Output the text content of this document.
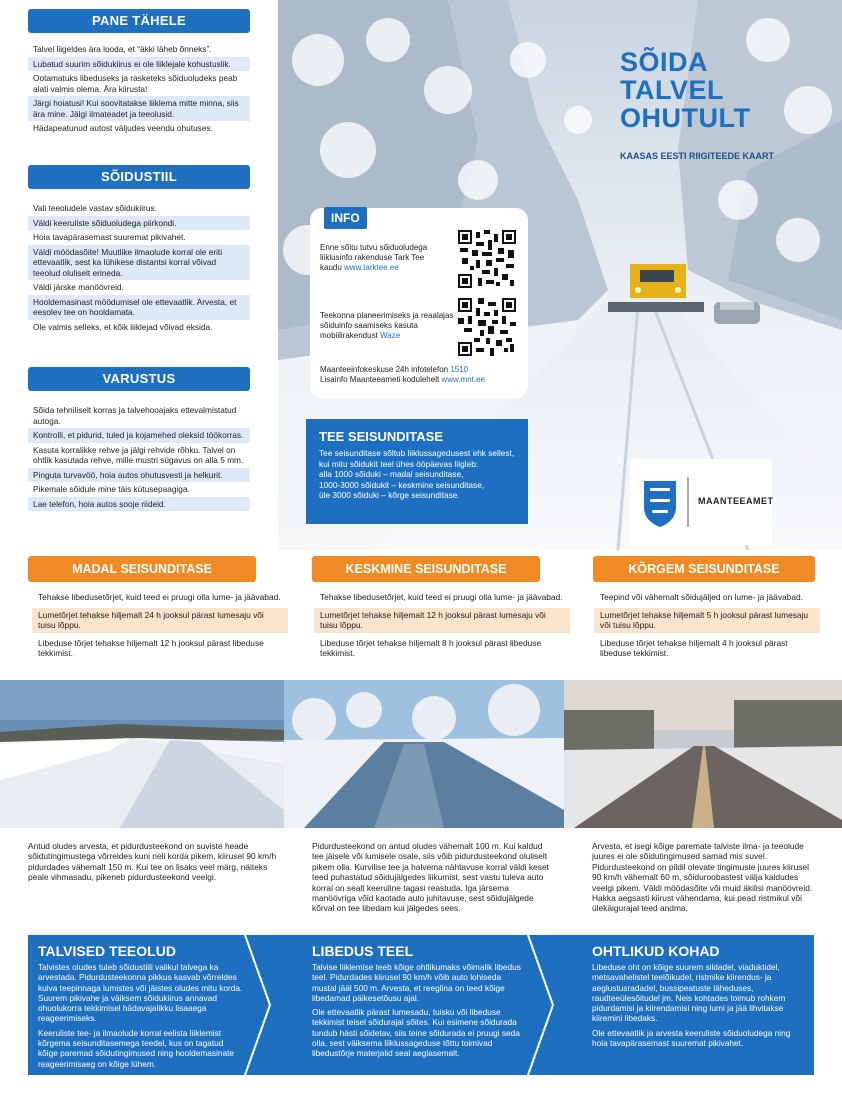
PANE TÄHELE
Talvel liigeldes ära looda, et “äkki läheb õnneks”.
Lubatud suurim sõidukiirus ei ole liiklejale kohustuslik.
Ootamatuks libeduseks ja rasketeks sõiduoludeks peab alati valmis olema. Ära kiirusta!
Järgi hoiatusi! Kui soovitatakse liiklema mitte minna, siis ära mine. Jälgi ilmateadet ja teeolusid.
Hädapeatunud autost väljudes veendu ohutuses.
SÕIDUSTIIL
Vali teeoludele vastav sõidukiirus.
Väldi keeruliste sõiduoludega piirkondi.
Hoia tavapärasemast suuremat pikivahet.
Väldi möödasõite! Muutlike ilmaolude korral ole eriti ettevaatlik, sest ka lühikese distantsi korral võivad teeolud oluliselt erineda.
Väldi järske manöövreid.
Hooldemasinast möödumisel ole ettevaatlik. Arvesta, et eesolev tee on hooldamata.
Ole valmis selleks, et kõik liiklejad võivad eksida.
VARUSTUS
Sõida tehniliselt korras ja talvehooajaks ettevalmistatud autoga.
Kontrolli, et pidurid, tuled ja kojamehed oleksid töökorras.
Kasuta korralikke rehve ja jälgi rehvide rõhku. Talvel on ohtlik kasutada rehve, mille mustri sügavus on alla 5 mm.
Pinguta turvavöö, hoia autos ohutusvesti ja helkurit.
Pikemale sõidule mine täis kütusepaagiga.
Lae telefon, hoia autos sooje riideid.
SÕIDA
TALVEL
OHUTULT
KAASAS EESTI RIIGITEEDE KAART
INFO
Enne sõitu tutvu sõiduoludega liiklusinfo rakenduse Tark Tee kaudu www.tarktee.ee
Teekonna planeerimiseks ja reaalajas sõiduinfo saamiseks kasuta mobiilirakendust Waze
Maanteeinfokeskuse 24h infotelefon 1510
Lisainfo Maanteeameti kodulehelt www.mnt.ee
TEE SEISUNDITASE
Tee seisunditase sõltub liiklussagedusest ehk sellest, kui mitu sõidukit teel ühes ööpäevas liigleb:
alla 1000 sõiduki – madal seisunditase,
1000-3000 sõidukit – keskmine seisunditase,
üle 3000 sõiduki – kõrge seisunditase.
MAANTEEAMET
MADAL SEISUNDITASE	KESKMINE SEISUNDITASE	KÕRGEM SEISUNDITASE
Tehakse libedusetõrjet, kuid teed ei pruugi olla lume- ja jäävabad.
Lumetõrjet tehakse hiljemalt 24 h jooksul pärast lumesaju või tuisu lõppu.
Libeduse tõrjet tehakse hiljemalt 12 h jooksul pärast libeduse tekkimist.
Tehakse libedusetõrjet, kuid teed ei pruugi olla lume- ja jäävabad.
Lumetõrjet tehakse hiljemalt 12 h jooksul pärast lumesaju või tuisu lõppu.
Libeduse tõrjet tehakse hiljemalt 8 h jooksul pärast libeduse tekkimist.
Teepind või vähemalt sõidujäljed on lume- ja jäävabad.
Lumetõrjet tehakse hiljemalt 5 h jooksul pärast lumesaju või tuisu lõppu.
Libeduse tõrjet tehakse hiljemalt 4 h jooksul pärast libeduse tekkimist.
Antud oludes arvesta, et pidurdusteekond on suviste heade sõidutingimustega võrreldes kuni neli korda pikem, kiirusel 90 km/h pidurdades vähemalt 150 m. Kui tee on lisaks veel märg, näiteks peale vihmasadu, pikeneb pidurdusteekond veelgi.
Pidurdusteekond on antud oludes vähemalt 100 m. Kui kaldud tee jäisele või lumisele osale, siis võib pidurdusteekond oluliselt pikem olla. Kurvilise tee ja halvema nähtavuse korral väldi keset teed puhastatud sõidujälgedes liikumist, sest vastu tuleva auto korral on sealt keeruline tagasi reastuda. Iga järsema manöövriga võid kaotada auto juhitavuse, sest sõidujälgede kõrval on tee libedam kui jälgedes sees.
Arvesta, et isegi kõige paremate talviste ilma- ja teeolude juures ei ole sõidutingimused samad mis suvel. Pidurdusteekond on pildil olevate tingimuste juures kiirusel 90 km/h vähemalt 60 m, sõiduroobastest välja kaldudes veelgi pikem. Väldi möödasõite või muid äkilisi manöövreid. Hakka aegsasti kiirust vähendama, kui pead ristmikul või ülekäigurajal teed andma.
TALVISED TEEOLUD
Talvistes oludes tuleb sõidustiili valikul talvega ka arvestada. Pidurdusteekonna pikkus kasvab võrreldes kuiva teepinnaga lumistes või jäistes oludes mitu korda. Suurem pikivahe ja väiksem sõidukiirus annavad ohuolukorra tekkimisel hädavajalikku lisaaega reageerimiseks.
Keeruliste tee- ja ilmaolude korral eelista liiklemist kõrgema seisunditasemega teedel, kus on tagatud kõige paremad sõidutingimused ning hooldemasinate reageerimisaeg on kõige lühem.
LIBEDUS TEEL
Talvise liiklemise teeb kõige ohtlikumaks võimalik libedus teel. Pidurdades kiirusel 90 km/h võib auto lohiseda mustal jääl 500 m. Arvesta, et reeglina on teed kõige libedamad päikesetõusu ajal.
Ole ettevaatlik pärast lumesadu, tuisku või libeduse tekkimist teisel sõidurajal sõites. Kui esimene sõidurada tundub hästi sõidetav, siis teine sõidurada ei pruugi seda olla, sest väiksema liiklussageduse tõttu toimivad libedustõrje materjalid seal aeglasemalt.
OHTLIKUD KOHAD
Libeduse oht on kõige suurem sildadel, viaduktidel, metsavahelistel teelõikudel, ristmike kiirendus- ja aeglustusradadel, bussipeatuste läheduses, raudteeülesõitudel jm. Neis kohtades toimub rohkem pidurdamisi ja kiirendamisi ning lumi ja jää lihvitakse kiiremini libedaks.
Ole ettevaatlik ja arvesta keeruliste sõiduoludega ning hoia tavapärasemast suuremat pikivahet.
